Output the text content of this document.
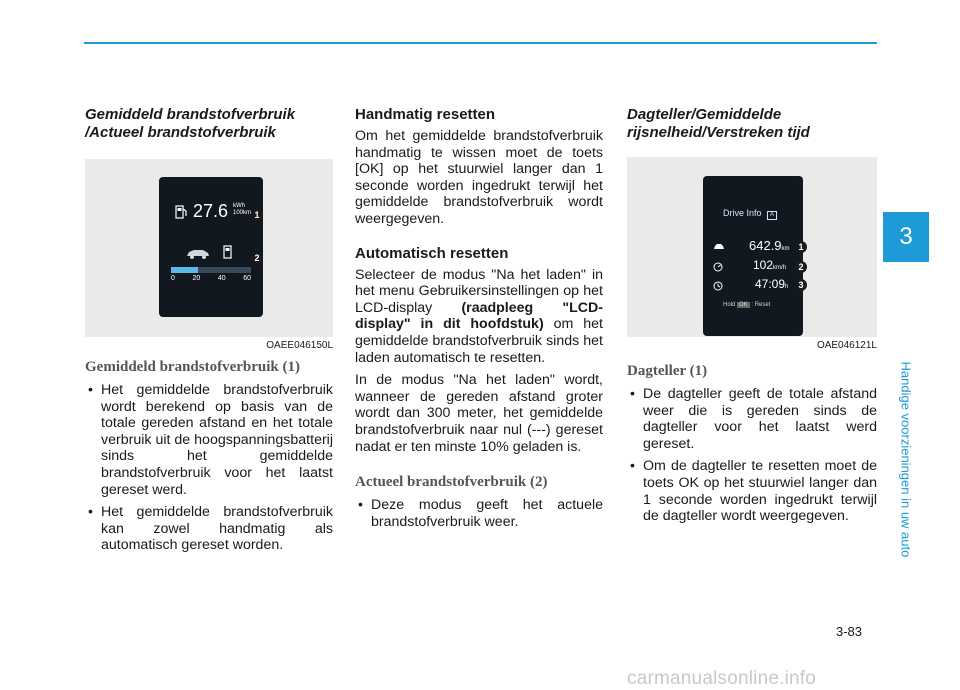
Gemiddeld brandstofverbruik
/Actueel brandstofverbruik
27.6 kWh
100km
0	20	40	60
1
2
OAEE046150L
Gemiddeld brandstofverbruik (1)
• Het gemiddelde brandstofverbruik wordt berekend op basis van de totale gereden afstand en het totale verbruik uit de hoogspanningsbatterij sinds het gemiddelde brandstofverbruik voor het laatst gereset werd.
• Het gemiddelde brandstofverbruik kan zowel handmatig als automatisch gereset worden.
Handmatig resetten

Om het gemiddelde brandstofverbruik handmatig te wissen moet de toets [OK] op het stuurwiel langer dan 1 seconde worden ingedrukt terwijl het gemiddelde brandstofverbruik wordt weergegeven.

Automatisch resetten

Selecteer de modus "Na het laden" in het menu Gebruikersinstellingen op het LCD-display (raadpleeg "LCD-display" in dit hoofdstuk) om het gemiddelde brandstofverbruik sinds het laden automatisch te resetten.

In de modus "Na het laden" wordt, wanneer de gereden afstand groter wordt dan 300 meter, het gemiddelde brandstofverbruik naar nul (---) gereset nadat er ten minste 10% geladen is.

Actueel brandstofverbruik (2)
• Deze modus geeft het actuele brandstofverbruik weer.
Dagteller/Gemiddelde
rijsnelheid/Verstreken tijd
Drive Info A
642.9km
102km/h
47:09h
Hold OK : Reset
1
2
3
OAE046121L
Dagteller (1)
• De dagteller geeft de totale afstand weer die is gereden sinds de dagteller voor het laatst werd gereset.
• Om de dagteller te resetten moet de toets OK op het stuurwiel langer dan 1 seconde worden ingedrukt terwijl de dagteller wordt weergegeven.
3
Handige voorzieningen in uw auto
3-83
carmanualsonline.info
